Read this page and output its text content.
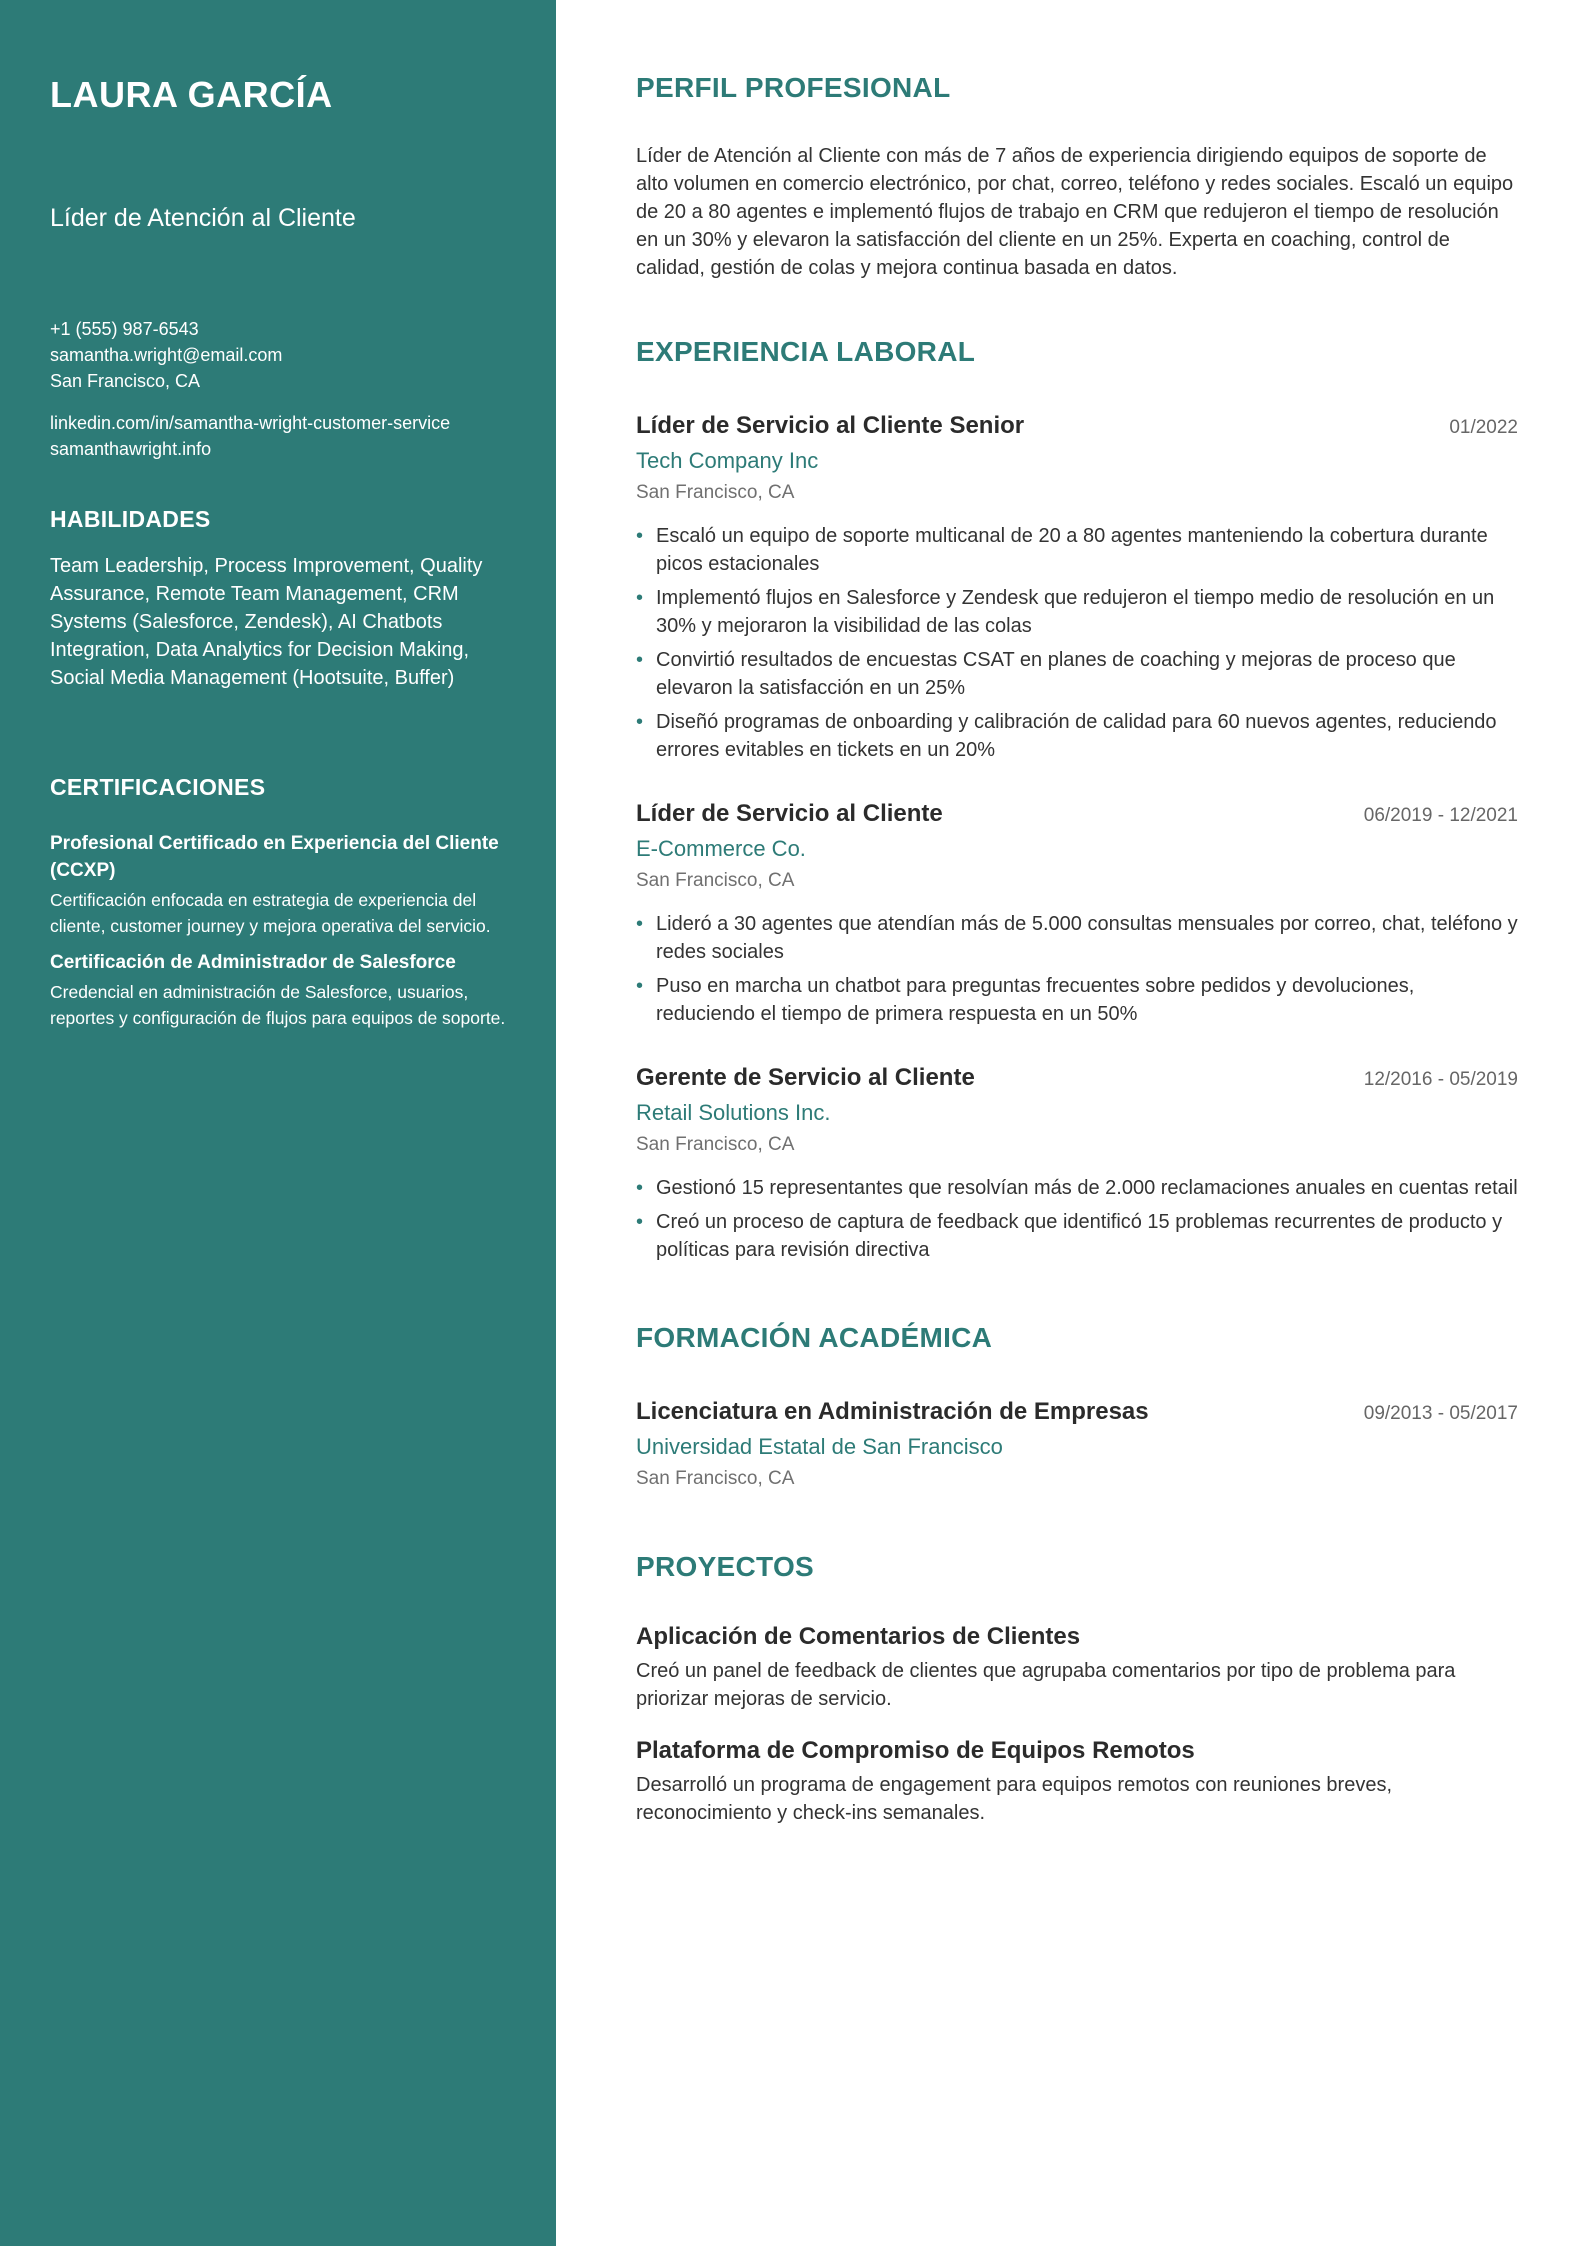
LAURA GARCÍA
Líder de Atención al Cliente
+1 (555) 987-6543
samantha.wright@email.com
San Francisco, CA
linkedin.com/in/samantha-wright-customer-service
samanthawright.info
HABILIDADES
Team Leadership, Process Improvement, Quality Assurance, Remote Team Management, CRM Systems (Salesforce, Zendesk), AI Chatbots Integration, Data Analytics for Decision Making, Social Media Management (Hootsuite, Buffer)
CERTIFICACIONES
Profesional Certificado en Experiencia del Cliente (CCXP)
Certificación enfocada en estrategia de experiencia del cliente, customer journey y mejora operativa del servicio.
Certificación de Administrador de Salesforce
Credencial en administración de Salesforce, usuarios, reportes y configuración de flujos para equipos de soporte.
PERFIL PROFESIONAL
Líder de Atención al Cliente con más de 7 años de experiencia dirigiendo equipos de soporte de alto volumen en comercio electrónico, por chat, correo, teléfono y redes sociales. Escaló un equipo de 20 a 80 agentes e implementó flujos de trabajo en CRM que redujeron el tiempo de resolución en un 30% y elevaron la satisfacción del cliente en un 25%. Experta en coaching, control de calidad, gestión de colas y mejora continua basada en datos.
EXPERIENCIA LABORAL
Líder de Servicio al Cliente Senior	01/2022
Tech Company Inc
San Francisco, CA
• Escaló un equipo de soporte multicanal de 20 a 80 agentes manteniendo la cobertura durante picos estacionales
• Implementó flujos en Salesforce y Zendesk que redujeron el tiempo medio de resolución en un 30% y mejoraron la visibilidad de las colas
• Convirtió resultados de encuestas CSAT en planes de coaching y mejoras de proceso que elevaron la satisfacción en un 25%
• Diseñó programas de onboarding y calibración de calidad para 60 nuevos agentes, reduciendo errores evitables en tickets en un 20%
Líder de Servicio al Cliente	06/2019 - 12/2021
E-Commerce Co.
San Francisco, CA
• Lideró a 30 agentes que atendían más de 5.000 consultas mensuales por correo, chat, teléfono y redes sociales
• Puso en marcha un chatbot para preguntas frecuentes sobre pedidos y devoluciones, reduciendo el tiempo de primera respuesta en un 50%
Gerente de Servicio al Cliente	12/2016 - 05/2019
Retail Solutions Inc.
San Francisco, CA
• Gestionó 15 representantes que resolvían más de 2.000 reclamaciones anuales en cuentas retail
• Creó un proceso de captura de feedback que identificó 15 problemas recurrentes de producto y políticas para revisión directiva
FORMACIÓN ACADÉMICA
Licenciatura en Administración de Empresas	09/2013 - 05/2017
Universidad Estatal de San Francisco
San Francisco, CA
PROYECTOS
Aplicación de Comentarios de Clientes
Creó un panel de feedback de clientes que agrupaba comentarios por tipo de problema para priorizar mejoras de servicio.
Plataforma de Compromiso de Equipos Remotos
Desarrolló un programa de engagement para equipos remotos con reuniones breves, reconocimiento y check-ins semanales.
